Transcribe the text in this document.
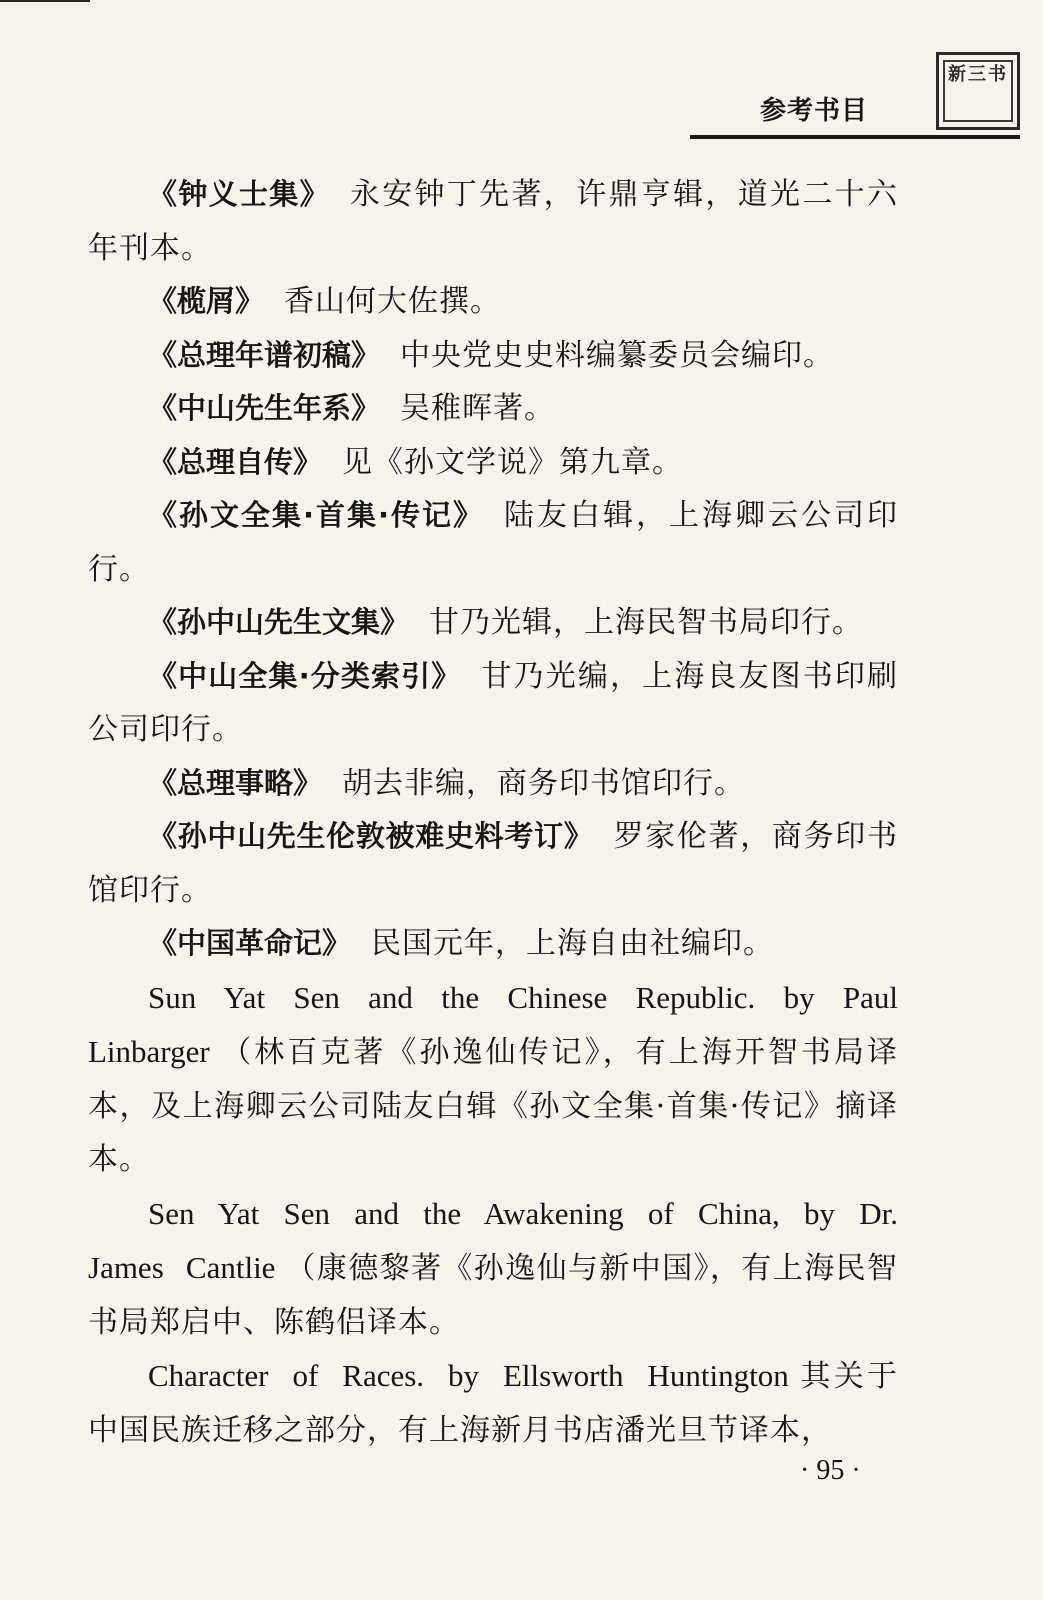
参考书目
新三书

《钟义士集》 永安钟丁先著，许鼎亨辑，道光二十六年刊本。

《榄屑》 香山何大佐撰。

《总理年谱初稿》 中央党史史料编纂委员会编印。

《中山先生年系》 吴稚晖著。

《总理自传》 见《孙文学说》第九章。

《孙文全集·首集·传记》 陆友白辑，上海卿云公司印行。

《孙中山先生文集》 甘乃光辑，上海民智书局印行。

《中山全集·分类索引》 甘乃光编，上海良友图书印刷公司印行。

《总理事略》 胡去非编，商务印书馆印行。

《孙中山先生伦敦被难史料考订》 罗家伦著，商务印书馆印行。

《中国革命记》 民国元年，上海自由社编印。

Sun Yat Sen and the Chinese Republic. by Paul Linbarger （林百克著《孙逸仙传记》，有上海开智书局译本，及上海卿云公司陆友白辑《孙文全集·首集·传记》摘译本。

Sen Yat Sen and the Awakening of China, by Dr. James Cantlie （康德黎著《孙逸仙与新中国》，有上海民智书局郑启中、陈鹤侣译本。

Character of Races. by Ellsworth Huntington 其关于中国民族迁移之部分，有上海新月书店潘光旦节译本，

· 95 ·
